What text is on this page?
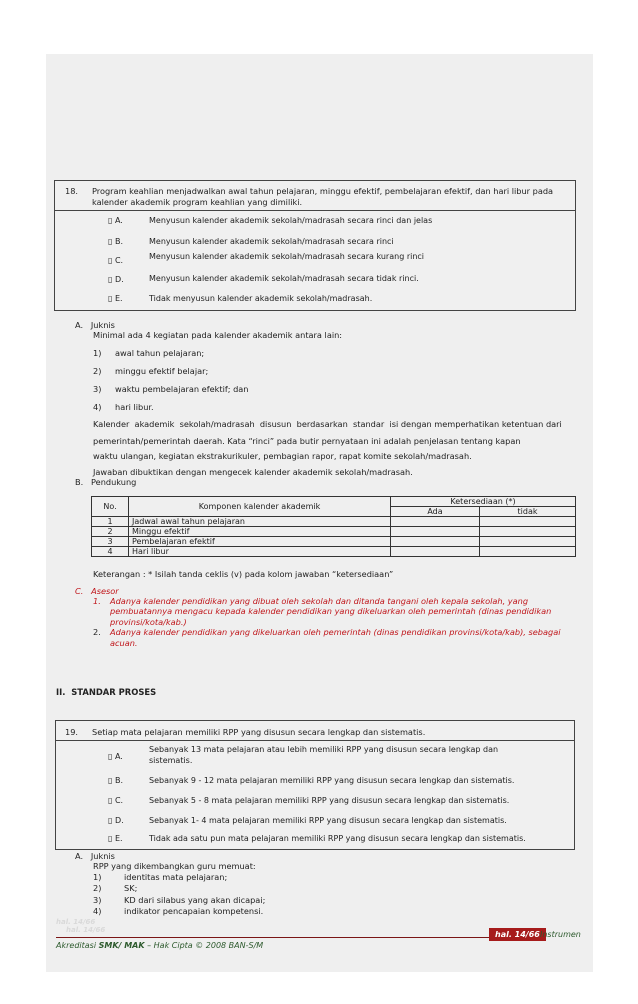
18. Program keahlian menjadwalkan awal tahun pelajaran, minggu efektif, pembelajaran efektif, dan hari libur pada
kalender akademik program keahlian yang dimiliki.
▯ A.	Menyusun kalender akademik sekolah/madrasah secara rinci dan jelas
▯ B.	Menyusun kalender akademik sekolah/madrasah secara rinci
▯ C.	Menyusun kalender akademik sekolah/madrasah secara kurang rinci
▯ D.	Menyusun kalender akademik sekolah/madrasah secara tidak rinci.
▯ E.	Tidak menyusun kalender akademik sekolah/madrasah.
A.   Juknis
Minimal ada 4 kegiatan pada kalender akademik antara lain:
1) awal tahun pelajaran;
2) minggu efektif belajar;
3) waktu pembelajaran efektif; dan
4) hari libur.
Kalender  akademik  sekolah/madrasah  disusun  berdasarkan  standar  isi dengan memperhatikan ketentuan dari
pemerintah/pemerintah daerah. Kata “rinci” pada butir pernyataan ini adalah penjelasan tentang kapan
waktu ulangan, kegiatan ekstrakurikuler, pembagian rapor, rapat komite sekolah/madrasah.
Jawaban dibuktikan dengan mengecek kalender akademik sekolah/madrasah.
B.   Pendukung
No.	Komponen kalender akademik	Ketersediaan (*)	
		Ada	tidak
1	Jadwal awal tahun pelajaran		
2	Minggu efektif		
3	Pembelajaran efektif		
4	Hari libur		
Keterangan : * Isilah tanda ceklis (v) pada kolom jawaban “ketersediaan”
C.   Asesor
1. Adanya kalender pendidikan yang dibuat oleh sekolah dan ditanda tangani oleh kepala sekolah, yang
pembuatannya mengacu kepada kalender pendidikan yang dikeluarkan oleh pemerintah (dinas pendidikan
provinsi/kota/kab.)
2. Adanya kalender pendidikan yang dikeluarkan oleh pemerintah (dinas pendidikan provinsi/kota/kab), sebagai
acuan.
II.  STANDAR PROSES
19. Setiap mata pelajaran memiliki RPP yang disusun secara lengkap dan sistematis.
▯ A.
Sebanyak 13 mata pelajaran atau lebih memiliki RPP yang disusun secara lengkap dan
sistematis.
▯ B.	Sebanyak 9 - 12 mata pelajaran memiliki RPP yang disusun secara lengkap dan sistematis.
▯ C.	Sebanyak 5 - 8 mata pelajaran memiliki RPP yang disusun secara lengkap dan sistematis.
▯ D.	Sebanyak 1- 4 mata pelajaran memiliki RPP yang disusun secara lengkap dan sistematis.
▯ E.	Tidak ada satu pun mata pelajaran memiliki RPP yang disusun secara lengkap dan sistematis.
A.   Juknis
RPP yang dikembangkan guru memuat:
1)	identitas mata pelajaran;
2)	SK;
3)	KD dari silabus yang akan dicapai;
4)	indikator pencapaian kompetensi.
hal. 14/66
hal. 14/66	hal. 14/66 Instrumen
Akreditasi SMK/ MAK – Hak Cipta © 2008 BAN-S/M
